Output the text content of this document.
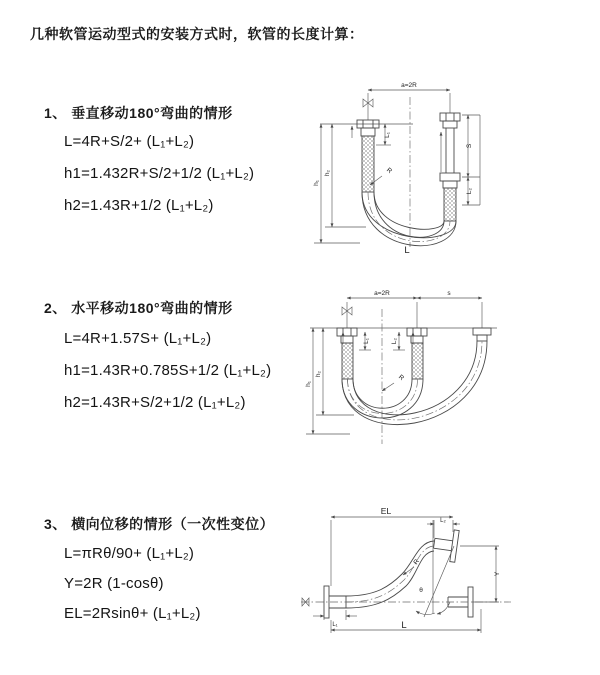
几种软管运动型式的安装方式时，软管的长度计算：
1、 垂直移动180°弯曲的情形
L=4R+S/2+ (L₁+L₂)
h1=1.432R+S/2+1/2 (L₁+L₂)
h2=1.43R+1/2 (L₁+L₂)
a=2R
L₁
S
L₂
h₂
h₁
R
L
2、 水平移动180°弯曲的情形
L=4R+1.57S+ (L₁+L₂)
h1=1.43R+0.785S+1/2 (L₁+L₂)
h2=1.43R+S/2+1/2 (L₁+L₂)
a=2R	s
L₁	L₂
h₂
h₁
R
3、 横向位移的情形（一次性变位）
L=πRθ/90+ (L₁+L₂)
Y=2R (1-cosθ)
EL=2Rsinθ+ (L₁+L₂)
EL
L₂
θ
R
Y
L₁	L
